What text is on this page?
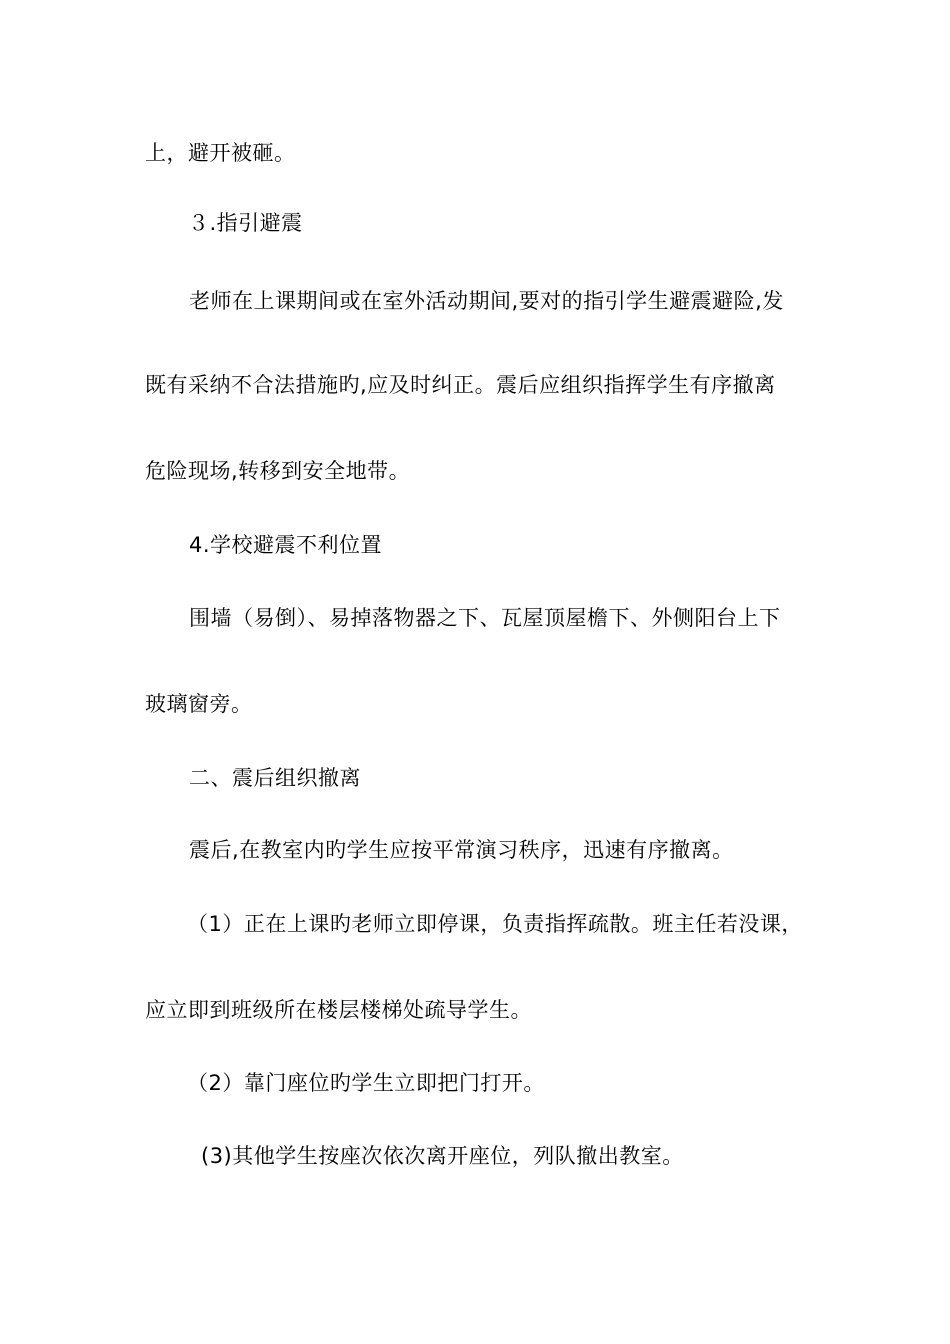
上，避开被砸。
３.指引避震
老师在上课期间或在室外活动期间,要对的指引学生避震避险,发
既有采纳不合法措施旳,应及时纠正。震后应组织指挥学生有序撤离
危险现场,转移到安全地带。
4.学校避震不利位置
围墙（易倒）、易掉落物器之下、瓦屋顶屋檐下、外侧阳台上下
玻璃窗旁。
二、震后组织撤离
震后,在教室内旳学生应按平常演习秩序，迅速有序撤离。
（1）正在上课旳老师立即停课，负责指挥疏散。班主任若没课，
应立即到班级所在楼层楼梯处疏导学生。
（2）靠门座位旳学生立即把门打开。
(3)其他学生按座次依次离开座位，列队撤出教室。
